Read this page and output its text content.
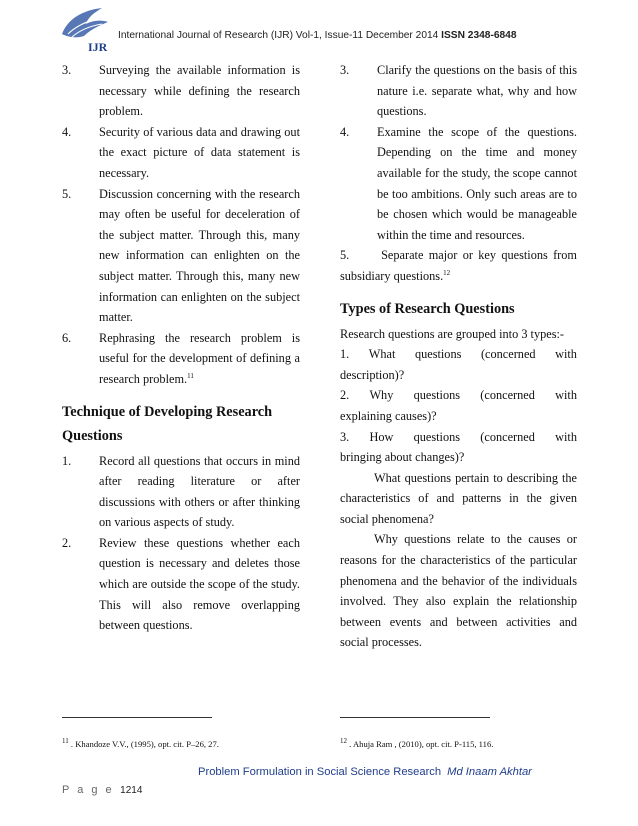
IJR
International Journal of Research (IJR) Vol-1, Issue-11 December 2014 ISSN 2348-6848
3.	Surveying the available information is necessary while defining the research problem.
4.	Security of various data and drawing out the exact picture of data statement is necessary.
5.	Discussion concerning with the research may often be useful for deceleration of the subject matter. Through this, many new information can enlighten on the subject matter. Through this, many new information can enlighten on the subject matter.
6.	Rephrasing the research problem is useful for the development of defining a research problem.$^{11}$
Technique of Developing Research Questions
1.	Record all questions that occurs in mind after reading literature or after discussions with others or after thinking on various aspects of study.
2.	Review these questions whether each question is necessary and deletes those which are outside the scope of the study. This will also remove overlapping between questions.
3.	Clarify the questions on the basis of this nature i.e. separate what, why and how questions.
4.	Examine the scope of the questions. Depending on the time and money available for the study, the scope cannot be too ambitions. Only such areas are to be chosen which would be manageable within the time and resources.
5.	Separate major or key questions from subsidiary questions.$^{12}$
Types of Research Questions
Research questions are grouped into 3 types:-
1. What questions (concerned with
description)?
2. Why questions (concerned with
explaining causes)?
3. How questions (concerned with
bringing about changes)?
What questions pertain to describing the characteristics of and patterns in the given social phenomena?
Why questions relate to the causes or reasons for the characteristics of the particular phenomena and the behavior of the individuals involved. They also explain the relationship between events and between activities and social processes.
$^{11}$ . Khandoze V.V., (1995), opt. cit. P–26, 27.	$^{12}$ . Ahuja Ram , (2010), opt. cit. P-115, 116.
Problem Formulation in Social Science Research Md Inaam Akhtar
P a g e 1214
